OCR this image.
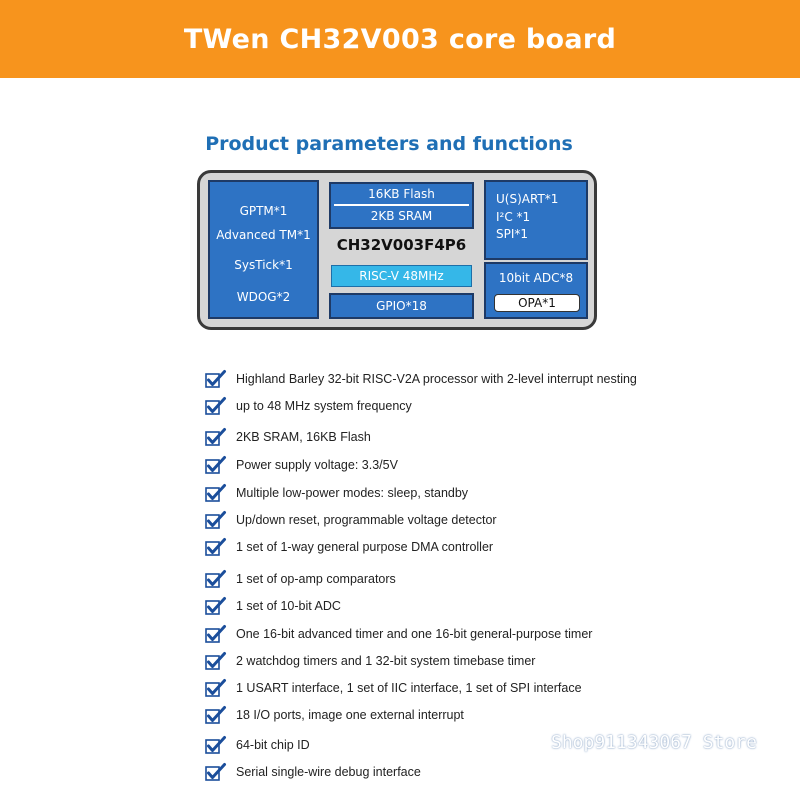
TWen CH32V003 core board
Product parameters and functions
GPTM*1
Advanced TM*1
SysTick*1
WDOG*2
16KB Flash
2KB SRAM
CH32V003F4P6
RISC-V 48MHz
GPIO*18
U(S)ART*1
I²C *1
SPI*1
10bit ADC*8
OPA*1
Highland Barley 32-bit RISC-V2A processor with 2-level interrupt nesting
up to 48 MHz system frequency
2KB SRAM, 16KB Flash
Power supply voltage: 3.3/5V
Multiple low-power modes: sleep, standby
Up/down reset, programmable voltage detector
1 set of 1-way general purpose DMA controller
1 set of op-amp comparators
1 set of 10-bit ADC
One 16-bit advanced timer and one 16-bit general-purpose timer
2 watchdog timers and 1 32-bit system timebase timer
1 USART interface, 1 set of IIC interface, 1 set of SPI interface
18 I/O ports, image one external interrupt
64-bit chip ID
Serial single-wire debug interface
Shop911343067 Store
